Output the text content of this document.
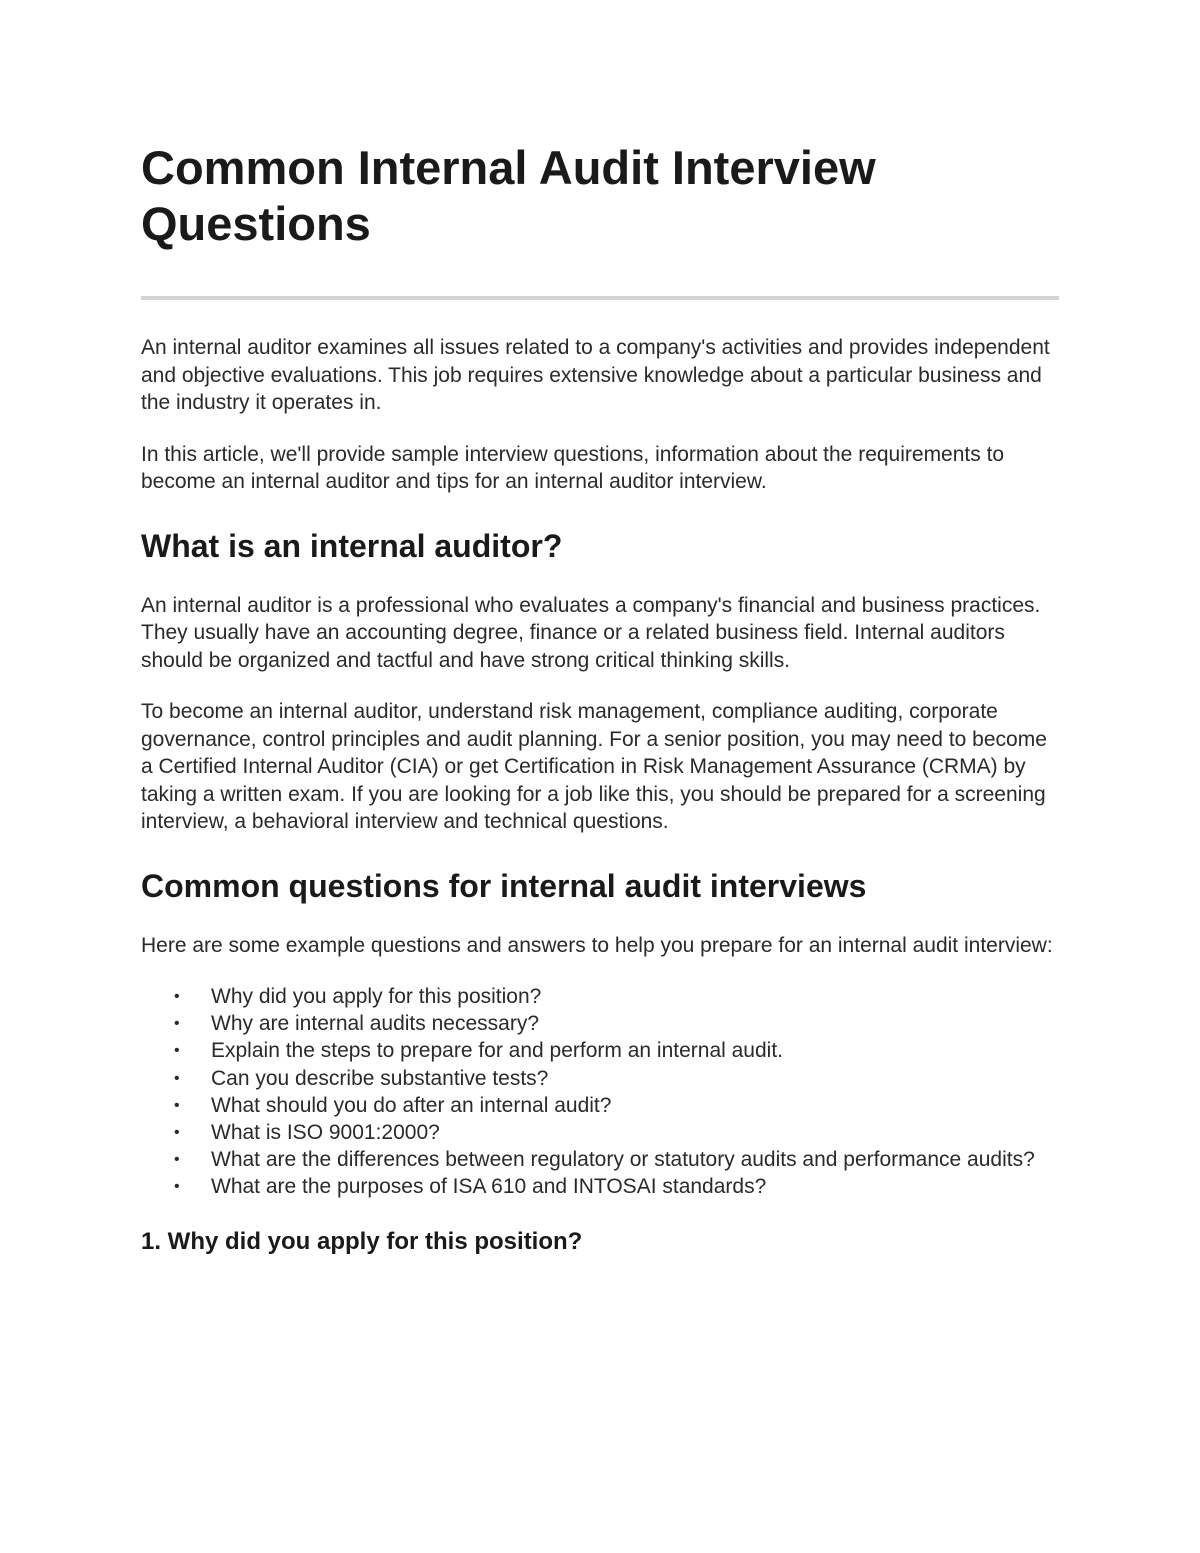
Common Internal Audit Interview Questions

An internal auditor examines all issues related to a company's activities and provides independent and objective evaluations. This job requires extensive knowledge about a particular business and the industry it operates in.

In this article, we'll provide sample interview questions, information about the requirements to become an internal auditor and tips for an internal auditor interview.

What is an internal auditor?

An internal auditor is a professional who evaluates a company's financial and business practices. They usually have an accounting degree, finance or a related business field. Internal auditors should be organized and tactful and have strong critical thinking skills.

To become an internal auditor, understand risk management, compliance auditing, corporate governance, control principles and audit planning. For a senior position, you may need to become a Certified Internal Auditor (CIA) or get Certification in Risk Management Assurance (CRMA) by taking a written exam. If you are looking for a job like this, you should be prepared for a screening interview, a behavioral interview and technical questions.

Common questions for internal audit interviews

Here are some example questions and answers to help you prepare for an internal audit interview:

• Why did you apply for this position?
• Why are internal audits necessary?
• Explain the steps to prepare for and perform an internal audit.
• Can you describe substantive tests?
• What should you do after an internal audit?
• What is ISO 9001:2000?
• What are the differences between regulatory or statutory audits and performance audits?
• What are the purposes of ISA 610 and INTOSAI standards?
1. Why did you apply for this position?
